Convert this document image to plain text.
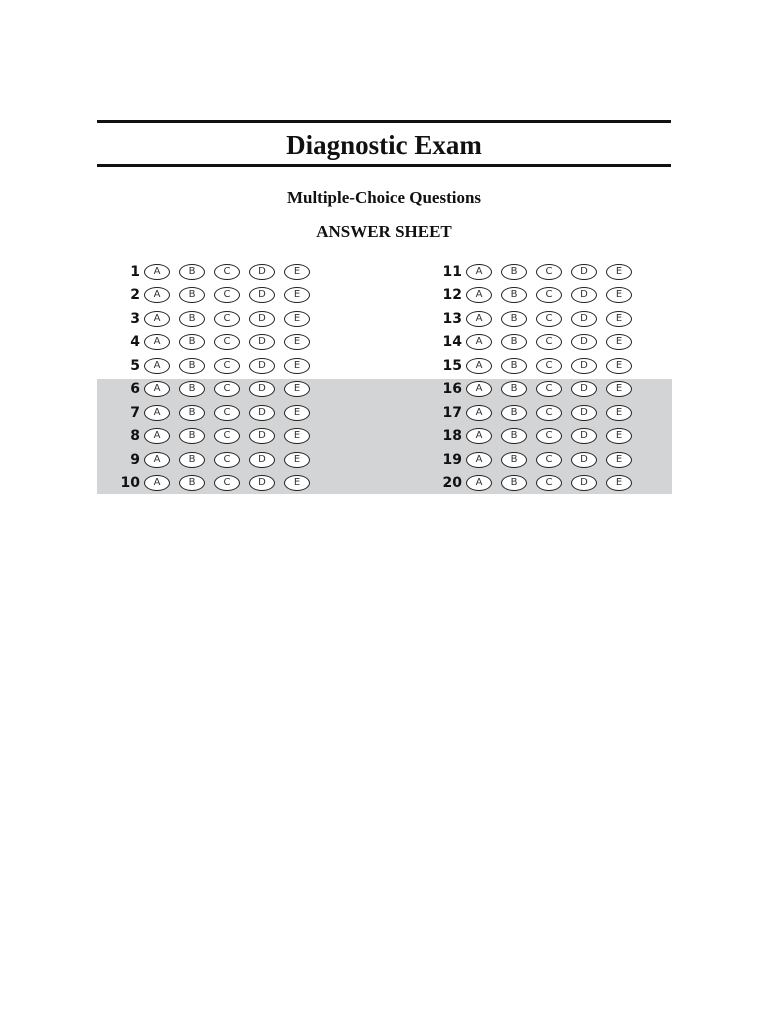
Diagnostic Exam
Multiple-Choice Questions
ANSWER SHEET
1	A	B	C	D	E
2	A	B	C	D	E
3	A	B	C	D	E
4	A	B	C	D	E
5	A	B	C	D	E
6	A	B	C	D	E
7	A	B	C	D	E
8	A	B	C	D	E
9	A	B	C	D	E
10	A	B	C	D	E
11	A	B	C	D	E
12	A	B	C	D	E
13	A	B	C	D	E
14	A	B	C	D	E
15	A	B	C	D	E
16	A	B	C	D	E
17	A	B	C	D	E
18	A	B	C	D	E
19	A	B	C	D	E
20	A	B	C	D	E
